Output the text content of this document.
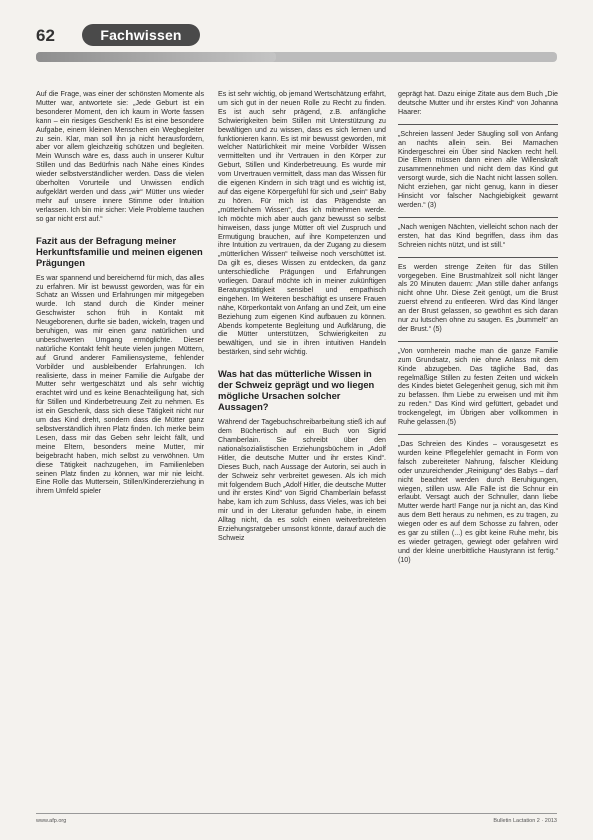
62	Fachwissen

Auf die Frage, was einer der schönsten Momente als Mutter war, antwortete sie: „Jede Geburt ist ein besonderer Moment, den ich kaum in Worte fassen kann – ein riesiges Geschenk! Es ist eine besondere Aufgabe, einem kleinen Menschen ein Wegbegleiter zu sein. Klar, man soll ihn ja nicht herausfordern, aber vor allem gleichzeitig schützen und begleiten. Mein Wunsch wäre es, dass auch in unserer Kultur Stillen und das Bedürfnis nach Nähe eines Kindes wieder selbstverständlicher werden. Dass die vielen überholten Vorurteile und Unwissen endlich aufgeklärt werden und dass „wir“ Mütter uns wieder mehr auf unsere innere Stimme oder Intuition verlassen. Ich bin mir sicher: Viele Probleme tauchen so gar nicht erst auf.“

Fazit aus der Befragung meiner Herkunftsfamilie und meinen eigenen Prägungen

Es war spannend und bereichernd für mich, das alles zu erfahren. Mir ist bewusst geworden, was für ein Schatz an Wissen und Erfahrungen mir mitgegeben wurde. Ich stand durch die Kinder meiner Geschwister schon früh in Kontakt mit Neugeborenen, durfte sie baden, wickeln, tragen und beruhigen, was mir einen ganz natürlichen und unbeschwerten Umgang ermöglichte. Dieser natürliche Kontakt fehlt heute vielen jungen Müttern, auf Grund anderer Familiensysteme, fehlender Vorbilder und ausbleibender Erfahrungen. Ich realisierte, dass in meiner Familie die Aufgabe der Mutter sehr wertgeschätzt und als sehr wichtig erachtet wird und es keine Benachteiligung hat, sich für Stillen und Kinderbetreuung Zeit zu nehmen. Es ist ein Geschenk, dass sich diese Tätigkeit nicht nur um das Kind dreht, sondern dass die Mütter ganz selbstverständlich ihren Platz finden. Ich merke beim Lesen, dass mir das Geben sehr leicht fällt, und meine Eltern, besonders meine Mutter, mir beigebracht haben, mich selbst zu verwöhnen. Um diese Tätigkeit nachzugehen, im Familienleben seinen Platz finden zu können, war mir nie leicht. Eine Rolle das Muttersein, Stillen/Kindererziehung in ihrem Umfeld spieler

Es ist sehr wichtig, ob jemand Wertschätzung erfährt, um sich gut in der neuen Rolle zu Recht zu finden. Es ist auch sehr prägend, z.B. anfängliche Schwierigkeiten beim Stillen mit Unterstützung zu bewältigen und zu wissen, dass es sich lernen und funktionieren kann. Es ist mir bewusst geworden, mit welcher Natürlichkeit mir meine Vorbilder Wissen vermittelten und ihr Vertrauen in den Körper zur Geburt, Stillen und Kinderbetreuung. Es wurde mir vom Urvertrauen vermittelt, dass man das Wissen für die eigenen Kindern in sich trägt und es wichtig ist, auf das eigene Körpergefühl für sich und „sein“ Baby zu hören. Für mich ist das Prägendste an „mütterlichem Wissen“, das ich mitnehmen werde. Ich möchte mich aber auch ganz bewusst so selbst hinweisen, dass junge Mütter oft viel Zuspruch und Ermutigung brauchen, auf ihre Kompetenzen und ihre Intuition zu vertrauen, da der Zugang zu diesem „mütterlichen Wissen“ teilweise noch verschüttet ist. Da gilt es, dieses Wissen zu entdecken, da ganz unterschiedliche Prägungen und Erfahrungen vorliegen. Darauf möchte ich in meiner zukünftigen Beratungstätigkeit sensibel und empathisch eingehen. Im Weiteren beschäftigt es unsere Frauen nähe, Körperkontakt von Anfang an und Zeit, um eine Beziehung zum eigenen Kind aufbauen zu können. Abends kompetente Begleitung und Aufklärung, die die Mütter unterstützen, Schwierigkeiten zu bewältigen, und sie in ihren intuitiven Handeln bestärken, sind sehr wichtig.

Was hat das mütterliche Wissen in der Schweiz geprägt und wo liegen mögliche Ursachen solcher Aussagen?

Während der Tagebuchschreibarbeitung stieß ich auf dem Büchertisch auf ein Buch von Sigrid Chamberlain. Sie schreibt über den nationalsozialistischen Erziehungsbüchern in „Adolf Hitler, die deutsche Mutter und ihr erstes Kind“. Dieses Buch, nach Aussage der Autorin, sei auch in der Schweiz sehr verbreitet gewesen. Als ich mich mit folgendem Buch „Adolf Hitler, die deutsche Mutter und ihr erstes Kind“ von Sigrid Chamberlain befasst habe, kam ich zum Schluss, dass Vieles, was ich bei mir und in der Literatur gefunden habe, in einem Alltag nicht, da es solch einen weitverbreiteten Erziehungsratgeber umsonst könnte, darauf auch die Schweiz

geprägt hat. Dazu einige Zitate aus dem Buch „Die deutsche Mutter und ihr erstes Kind“ von Johanna Haarer:

„Schreien lassen! Jeder Säugling soll von Anfang an nachts allein sein. Bei Mamachen Kindergeschrei ein Über sind Nacken recht hell. Die Eltern müssen dann einen alle Willenskraft zusammennehmen und nicht dem das Kind gut versorgt wurde, sich die Nacht nicht lassen sollen. Nicht erziehen, gar nicht genug, kann in dieser Hinsicht vor falscher Nachgiebigkeit gewarnt werden.“ (3)

„Nach wenigen Nächten, vielleicht schon nach der ersten, hat das Kind begriffen, dass ihm das Schreien nichts nützt, und ist still.“

Es werden strenge Zeiten für das Stillen vorgegeben. Eine Brustmahlzeit soll nicht länger als 20 Minuten dauern: „Man stille daher anfangs nicht ohne Uhr. Diese Zeit genügt, um die Brust zuerst ehrend zu entleeren. Wird das Kind länger an der Brust gelassen, so gewöhnt es sich daran nur zu lutschen ohne zu saugen. Es „bummelt“ an der Brust.“ (5)

„Von vornherein mache man die ganze Familie zum Grundsatz, sich nie ohne Anlass mit dem Kinde abzugeben. Das tägliche Bad, das regelmäßige Stillen zu festen Zeiten und wickeln des Kindes bietet Gelegenheit genug, sich mit ihm zu befassen. Ihm Liebe zu erweisen und mit ihm zu reden.“ Das Kind wird gefüttert, gebadet und trockengelegt, im Übrigen aber vollkommen in Ruhe gelassen.(5)

„Das Schreien des Kindes – vorausgesetzt es wurden keine Pflegefehler gemacht in Form von falsch zubereiteter Nahrung, falscher Kleidung oder unzureichender „Reinigung“ des Babys – darf nicht beachtet werden durch Beruhigungen, wiegen, stillen usw. Alle Fälle ist die Schnur ein erlaubt. Versagt auch der Schnuller, dann liebe Mutter werde hart! Fange nur ja nicht an, das Kind aus dem Bett heraus zu nehmen, es zu tragen, zu wiegen oder es auf dem Schosse zu fahren, oder es gar zu stillen (...) es gibt keine Ruhe mehr, bis es wieder getragen, gewiegt oder gefahren wird und der kleine unerbittliche Haustyrann ist fertig.“ (10)

www.afp.org	Bulletin Lactation 2 · 2013
